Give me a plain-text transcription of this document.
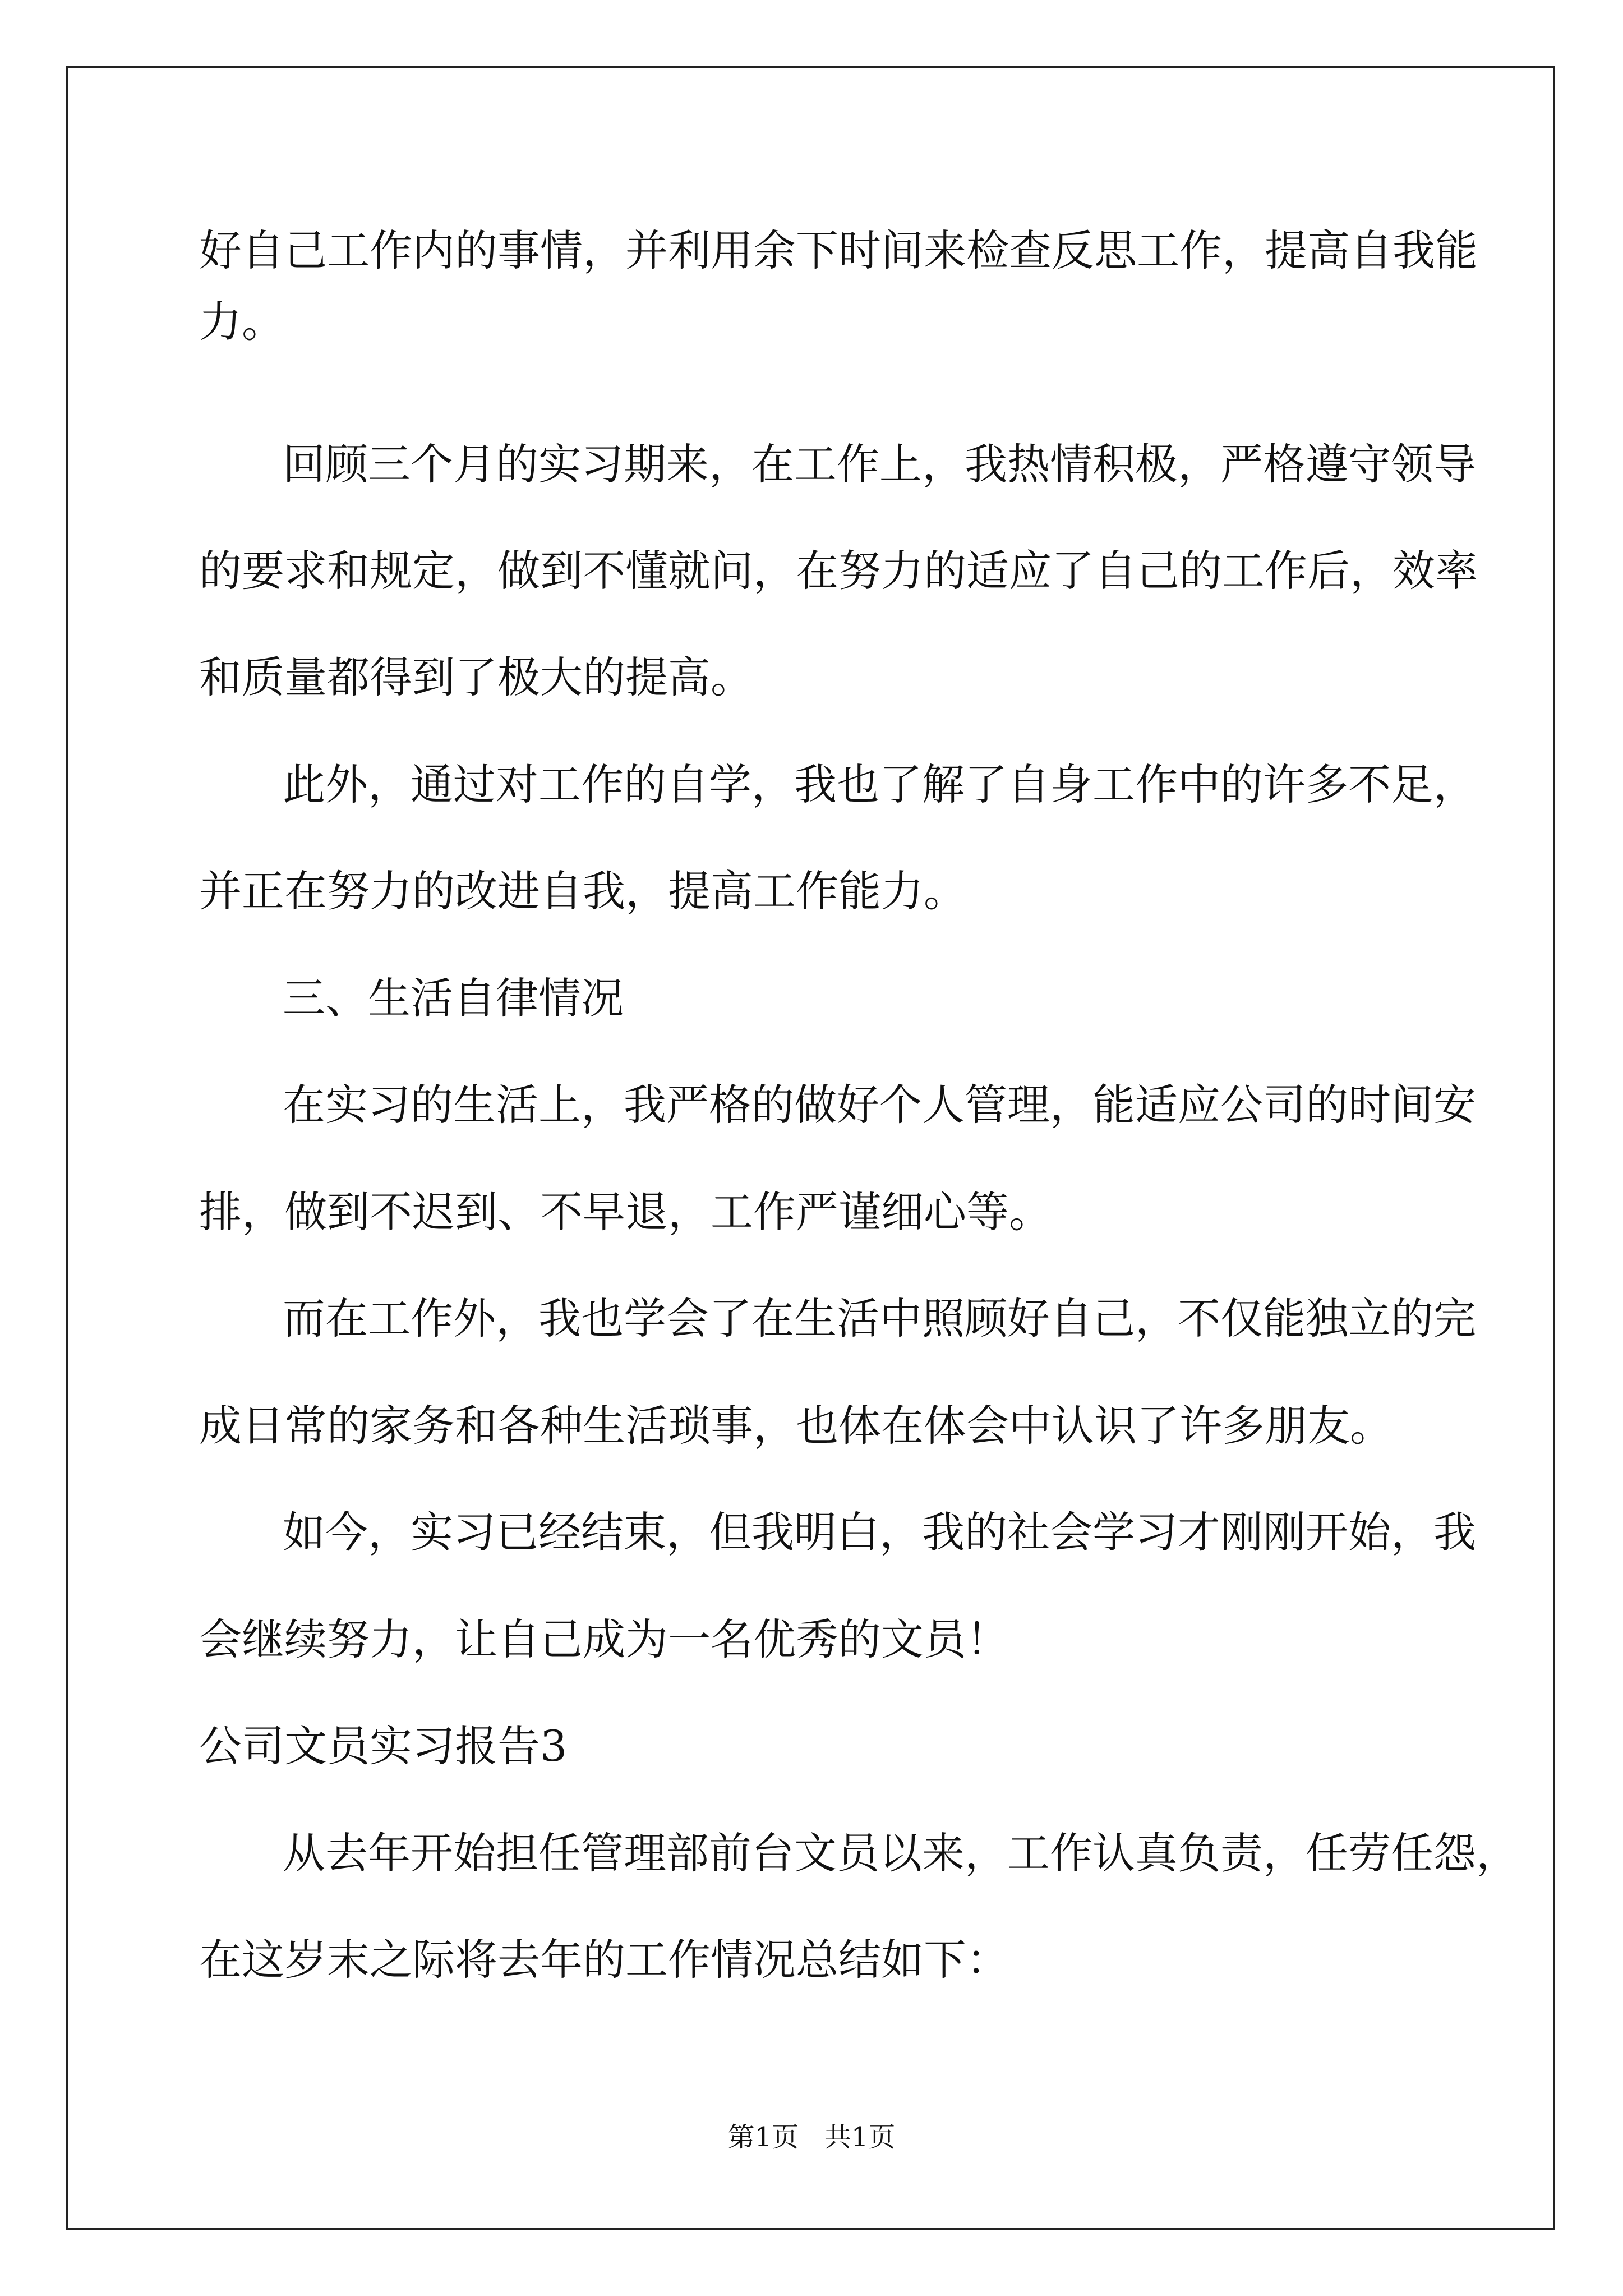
好自己工作内的事情，并利用余下时间来检查反思工作，提高自我能

力。

回顾三个月的实习期来，在工作上，我热情积极，严格遵守领导

的要求和规定，做到不懂就问，在努力的适应了自己的工作后，效率

和质量都得到了极大的提高。

此外，通过对工作的自学，我也了解了自身工作中的许多不足，

并正在努力的改进自我，提高工作能力。

三、生活自律情况

在实习的生活上，我严格的做好个人管理，能适应公司的时间安

排，做到不迟到、不早退，工作严谨细心等。

而在工作外，我也学会了在生活中照顾好自己，不仅能独立的完

成日常的家务和各种生活琐事，也体在体会中认识了许多朋友。

如今，实习已经结束，但我明白，我的社会学习才刚刚开始，我

会继续努力，让自己成为一名优秀的文员！

公司文员实习报告3

从去年开始担任管理部前台文员以来，工作认真负责，任劳任怨，

在这岁末之际将去年的工作情况总结如下：

第1页   共1页
